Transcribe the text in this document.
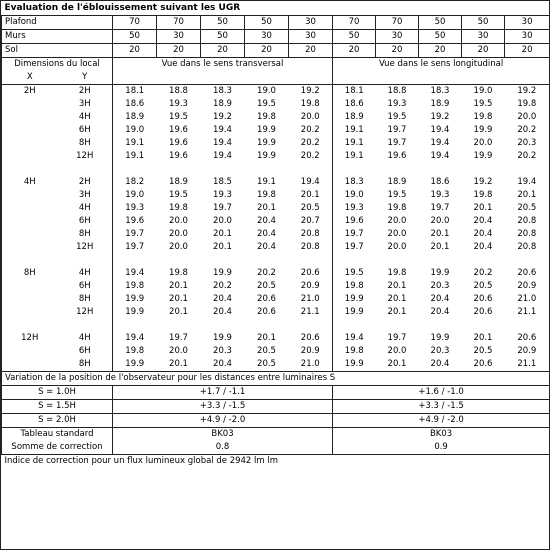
Evaluation de l'éblouissement suivant les UGR											
Plafond		70	70	50	50	30	70	70	50	50	30
Murs		50	30	50	30	30	50	30	50	30	30
Sol		20	20	20	20	20	20	20	20	20	20
Dimensions du local		Vue dans le sens transversal					Vue dans le sens longitudinal				
X	Y										
2H	2H	18.1	18.8	18.3	19.0	19.2	18.1	18.8	18.3	19.0	19.2
	3H	18.6	19.3	18.9	19.5	19.8	18.6	19.3	18.9	19.5	19.8
	4H	18.9	19.5	19.2	19.8	20.0	18.9	19.5	19.2	19.8	20.0
	6H	19.0	19.6	19.4	19.9	20.2	19.1	19.7	19.4	19.9	20.2
	8H	19.1	19.6	19.4	19.9	20.2	19.1	19.7	19.4	20.0	20.3
	12H	19.1	19.6	19.4	19.9	20.2	19.1	19.6	19.4	19.9	20.2

4H	2H	18.2	18.9	18.5	19.1	19.4	18.3	18.9	18.6	19.2	19.4
	3H	19.0	19.5	19.3	19.8	20.1	19.0	19.5	19.3	19.8	20.1
	4H	19.3	19.8	19.7	20.1	20.5	19.3	19.8	19.7	20.1	20.5
	6H	19.6	20.0	20.0	20.4	20.7	19.6	20.0	20.0	20.4	20.8
	8H	19.7	20.0	20.1	20.4	20.8	19.7	20.0	20.1	20.4	20.8
	12H	19.7	20.0	20.1	20.4	20.8	19.7	20.0	20.1	20.4	20.8

8H	4H	19.4	19.8	19.9	20.2	20.6	19.5	19.8	19.9	20.2	20.6
	6H	19.8	20.1	20.2	20.5	20.9	19.8	20.1	20.3	20.5	20.9
	8H	19.9	20.1	20.4	20.6	21.0	19.9	20.1	20.4	20.6	21.0
	12H	19.9	20.1	20.4	20.6	21.1	19.9	20.1	20.4	20.6	21.1

12H	4H	19.4	19.7	19.9	20.1	20.6	19.4	19.7	19.9	20.1	20.6
	6H	19.8	20.0	20.3	20.5	20.9	19.8	20.0	20.3	20.5	20.9
	8H	19.9	20.1	20.4	20.5	21.0	19.9	20.1	20.4	20.6	21.1
Variation de la position de l'observateur pour les distances entre luminaires S											
S = 1.0H		+1.7 / -1.1					+1.6 / -1.0				
S = 1.5H		+3.3 / -1.5					+3.3 / -1.5				
S = 2.0H		+4.9 / -2.0					+4.9 / -2.0				
Tableau standard		BK03					BK03				
Somme de correction		0.8					0.9				
Indice de correction pour un flux lumineux global de 2942 lm lm											
